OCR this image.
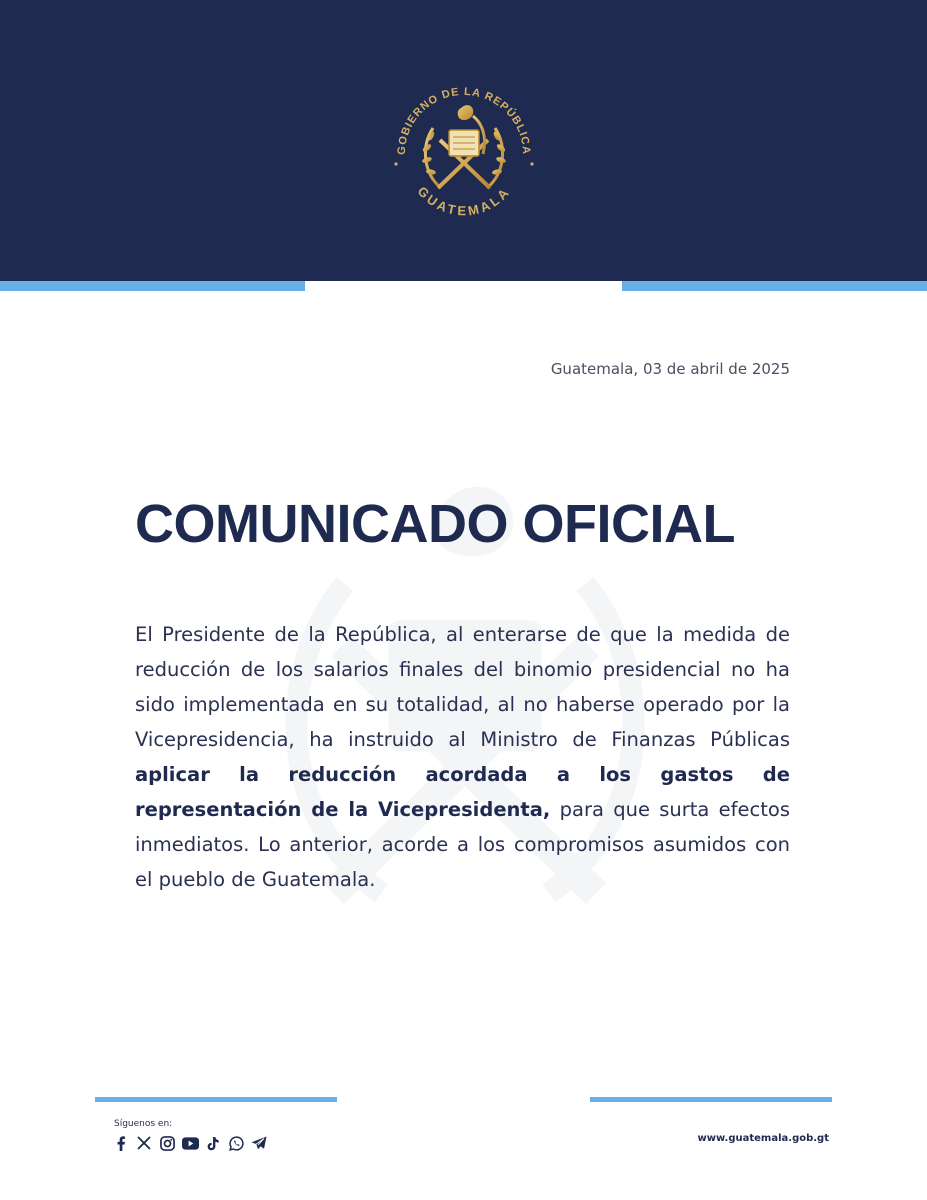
GOBIERNO DE LA REPÚBLICA
GUATEMALA
Guatemala, 03 de abril de 2025
COMUNICADO OFICIAL
El Presidente de la República, al enterarse de que la medida de reducción de los salarios finales del binomio presidencial no ha sido implementada en su totalidad, al no haberse operado por la Vicepresidencia, ha instruido al Ministro de Finanzas Públicas aplicar la reducción acordada a los gastos de representación de la Vicepresidenta, para que surta efectos inmediatos. Lo anterior, acorde a los compromisos asumidos con el pueblo de Guatemala.
Síguenos en:
www.guatemala.gob.gt
